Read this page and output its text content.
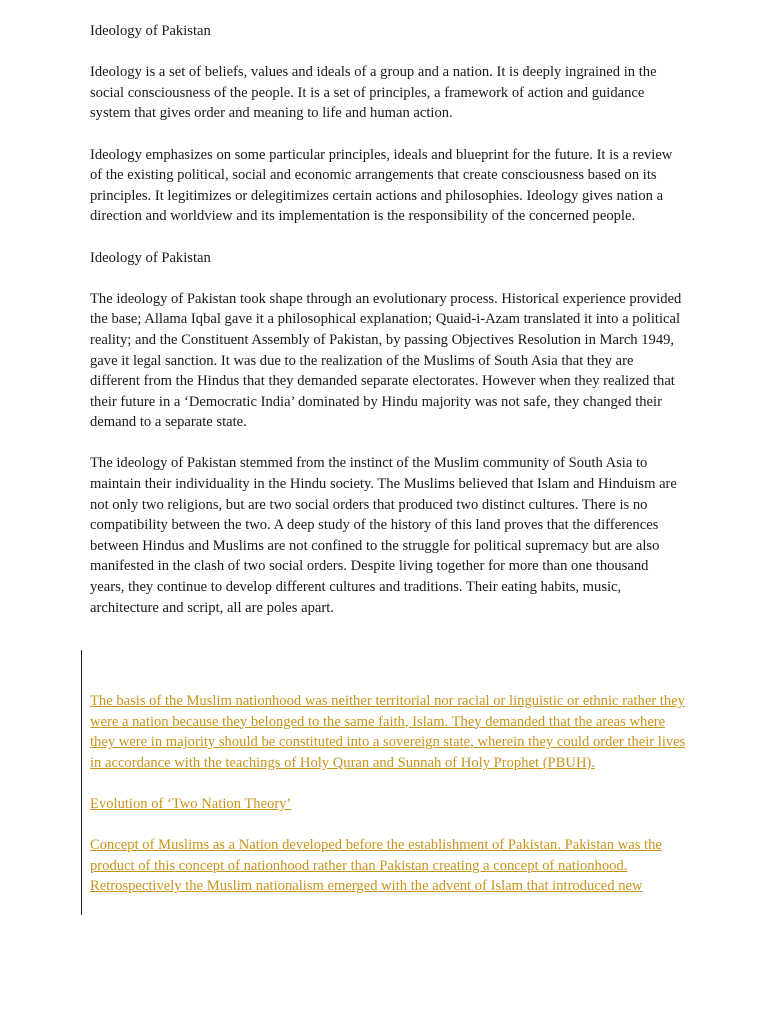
Ideology of Pakistan

Ideology is a set of beliefs, values and ideals of a group and a nation. It is deeply ingrained in the social consciousness of the people. It is a set of principles, a framework of action and guidance system that gives order and meaning to life and human action.

Ideology emphasizes on some particular principles, ideals and blueprint for the future. It is a review of the existing political, social and economic arrangements that create consciousness based on its principles. It legitimizes or delegitimizes certain actions and philosophies. Ideology gives nation a direction and worldview and its implementation is the responsibility of the concerned people.

Ideology of Pakistan

The ideology of Pakistan took shape through an evolutionary process. Historical experience provided the base; Allama Iqbal gave it a philosophical explanation; Quaid-i-Azam translated it into a political reality; and the Constituent Assembly of Pakistan, by passing Objectives Resolution in March 1949, gave it legal sanction. It was due to the realization of the Muslims of South Asia that they are different from the Hindus that they demanded separate electorates. However when they realized that their future in a ‘Democratic India’ dominated by Hindu majority was not safe, they changed their demand to a separate state.

The ideology of Pakistan stemmed from the instinct of the Muslim community of South Asia to maintain their individuality in the Hindu society. The Muslims believed that Islam and Hinduism are not only two religions, but are two social orders that produced two distinct cultures. There is no compatibility between the two. A deep study of the history of this land proves that the differences between Hindus and Muslims are not confined to the struggle for political supremacy but are also manifested in the clash of two social orders. Despite living together for more than one thousand years, they continue to develop different cultures and traditions. Their eating habits, music, architecture and script, all are poles apart.

The basis of the Muslim nationhood was neither territorial nor racial or linguistic or ethnic rather they were a nation because they belonged to the same faith, Islam. They demanded that the areas where they were in majority should be constituted into a sovereign state, wherein they could order their lives in accordance with the teachings of Holy Quran and Sunnah of Holy Prophet (PBUH).

Evolution of ‘Two Nation Theory’

Concept of Muslims as a Nation developed before the establishment of Pakistan. Pakistan was the product of this concept of nationhood rather than Pakistan creating a concept of nationhood. Retrospectively the Muslim nationalism emerged with the advent of Islam that introduced new
